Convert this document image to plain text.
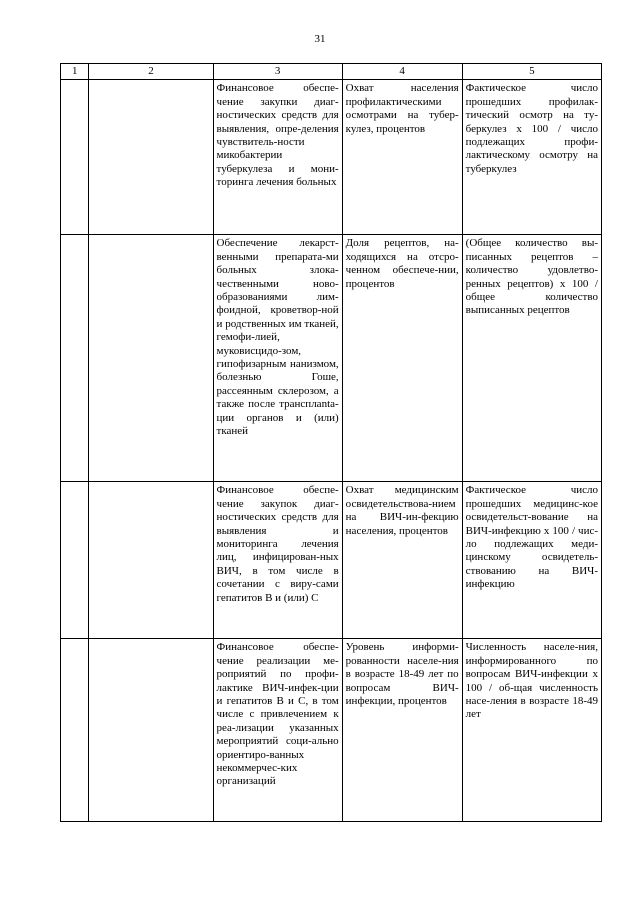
31
1	2	3	4	5
		Финансовое обеспе-чение закупки диаг-ностических средств для выявления, опре-деления чувствитель-ности микобактерии туберкулеза и мони-торинга лечения больных	Охват населения профилактическими осмотрами на тубер-кулез, процентов	Фактическое число прошедших профилак-тический осмотр на ту-беркулез x 100 / число подлежащих профи-лактическому осмотру на туберкулез
		Обеспечение лекарст-венными препарата-ми больных злока-чественными ново-образованиями лим-фоидной, кроветвор-ной и родственных им тканей, гемофи-лией, муковисцидо-зом, гипофизарным нанизмом, болезнью Гоше, рассеянным склерозом, а также после трансплanta-ции органов и (или) тканей	Доля рецептов, на-ходящихся на отсро-ченном обеспече-нии, процентов	(Общее количество вы-писанных рецептов – количество удовлетво-ренных рецептов) x 100 / общее количество выписанных рецептов
		Финансовое обеспе-чение закупок диаг-ностических средств для выявления и мониторинга лечения лиц, инфицирован-ных ВИЧ, в том числе в сочетании с виру-сами гепатитов B и (или) C	Охват медицинским освидетельствова-нием на ВИЧ-ин-фекцию населения, процентов	Фактическое число прошедших медицинс-кое освидетельст-вование на ВИЧ-инфекцию x 100 / чис-ло подлежащих меди-цинскому освидетель-ствованию на ВИЧ-инфекцию
		Финансовое обеспе-чение реализации ме-роприятий по профи-лактике ВИЧ-инфек-ции и гепатитов B и C, в том числе с привлечением к реа-лизации указанных мероприятий соци-ально ориентиро-ванных некоммерчес-ких организаций	Уровень информи-рованности населе-ния в возрасте 18-49 лет по вопросам ВИЧ-инфекции, процентов	Численность населе-ния, информированного по вопросам ВИЧ-инфекции x 100 / об-щая численность насе-ления в возрасте 18-49 лет
